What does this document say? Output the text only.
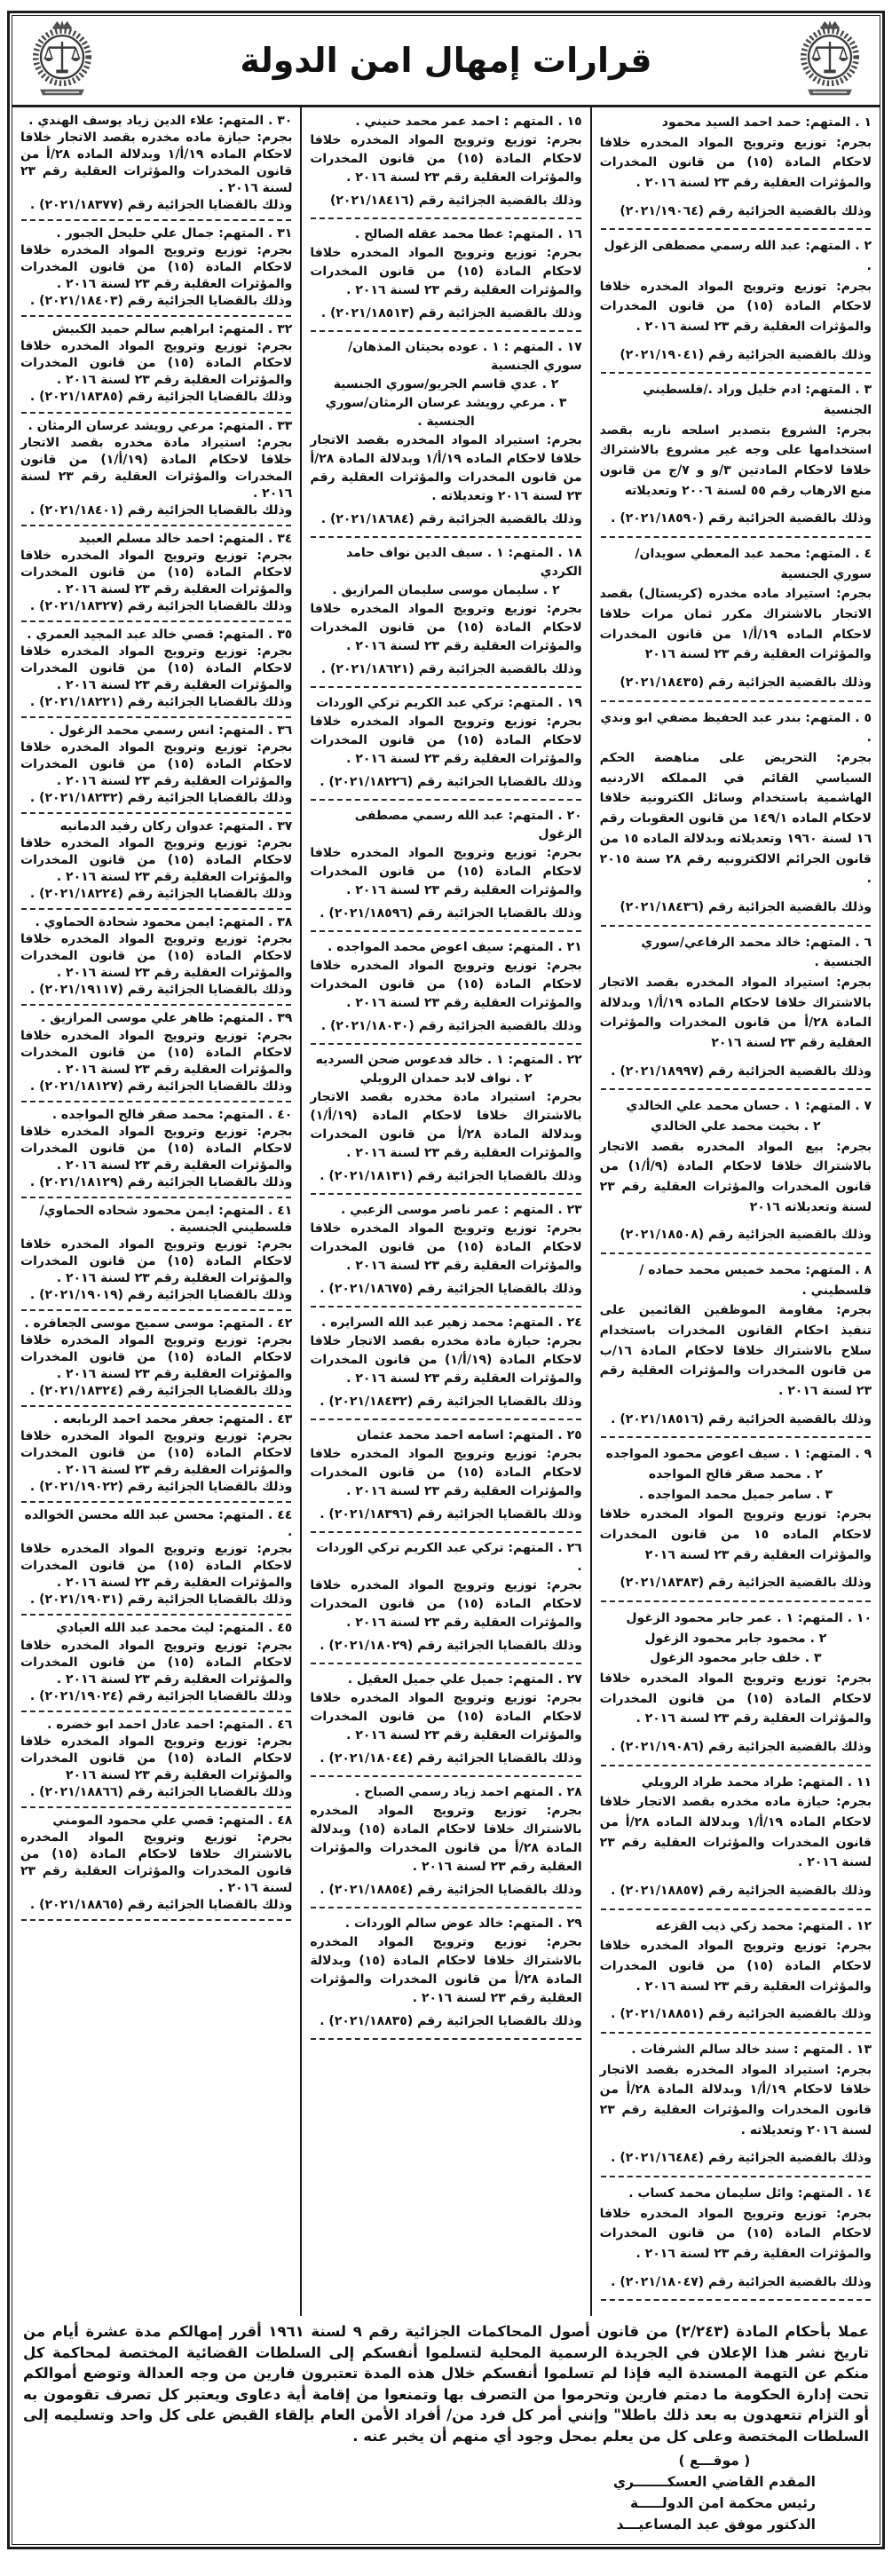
قرارات إمهال امن الدولة
١ . المتهم: حمد احمد السيد محمود

بجرم: توزيع وترويج المواد المخدره خلافا لاحكام المادة (١٥) من قانون المخدرات والمؤثرات العقلية رقم ٢٣ لسنة ٢٠١٦ .

وذلك بالقضية الجزائية رقم (٢٠٢١/١٩٠٦٤)
٢ . المتهم: عبد الله رسمي مصطفى الزغول .

بجرم: توزيع وترويج المواد المخدره خلافا لاحكام المادة (١٥) من قانون المخدرات والمؤثرات العقلية رقم ٢٣ لسنة ٢٠١٦ .

وذلك بالقضية الجزائية رقم (٢٠٢١/١٩٠٤١)
٣ . المتهم: ادم خليل وراد ./فلسطيني الجنسية

بجرم: الشروع بتصدير اسلحه ناريه بقصد استخدامها على وجه غير مشروع بالاشتراك خلافا لاحكام المادتين ٣/و و ٧/ج من قانون منع الارهاب رقم ٥٥ لسنة ٢٠٠٦ وتعديلاته

وذلك بالقضية الجزائية رقم (٢٠٢١/١٨٥٩٠) .
٤ . المتهم: محمد عبد المعطي سويدان/سوري الجنسية

بجرم: استيراد ماده مخدره (كريستال) بقصد الاتجار بالاشتراك مكرر ثمان مرات خلافا لاحكام الماده ١٩/أ/١ من قانون المخدرات والمؤثرات العقلية رقم ٢٣ لسنة ٢٠١٦

وذلك بالقضية الجزائية رقم (٢٠٢١/١٨٤٣٥)
٥ . المتهم: بندر عبد الحفيظ مضفي ابو وندي .

بجرم: التحريض على مناهضة الحكم السياسي القائم في المملكه الاردنيه الهاشمية باستخدام وسائل الكترونية خلافا لاحكام الماده ١٤٩/١ من قانون العقوبات رقم ١٦ لسنة ١٩٦٠ وتعديلاته وبدلالة الماده ١٥ من قانون الجرائم الالكترونيه رقم ٢٨ سنة ٢٠١٥ .

وذلك بالقضية الجزائية رقم (٢٠٢١/١٨٤٣٦)
٦ . المتهم: خالد محمد الرفاعي/سوري الجنسية .

بجرم: استيراد المواد المخدره بقصد الاتجار بالاشتراك خلافا لاحكام الماده ١٩/أ/١ وبدلالة المادة ٢٨/أ من قانون المخدرات والمؤثرات العقلية رقم ٢٣ لسنة ٢٠١٦

وذلك بالقضية الجزائية رقم (٢٠٢١/١٨٩٩٧) .
٧ . المتهم: ١ . حسان محمد علي الخالدي
٢ . بخيت محمد علي الخالدي

بجرم: بيع المواد المخدره بقصد الاتجار بالاشتراك خلافا لاحكام المادة (٩/أ/١) من قانون المخدرات والمؤثرات العقلية رقم ٢٣ لسنة وتعديلاته ٢٠١٦

وذلك بالقضية الجزائية رقم (٢٠٢١/١٨٥٠٨)
٨ . المتهم: محمد خميس محمد حماده / فلسطيني .

بجرم: مقاومة الموظفين القائمين على تنفيذ احكام القانون المخدرات باستخدام سلاح بالاشتراك خلافا لاحكام المادة ١٦/ب من قانون المخدرات والمؤثرات العقلية رقم ٢٣ لسنة ٢٠١٦ .

وذلك بالقضية الجزائية رقم (٢٠٢١/١٨٥١٦) .
٩ . المتهم: ١ . سيف اعوض محمود المواجده
٢ . محمد صقر فالح المواجده
٣ . سامر جميل محمد المواجده .

بجرم: توزيع وترويج المواد المخدره خلافا لاحكام الماده ١٥ من قانون المخدرات والمؤثرات العقلية رقم ٢٣ لسنة ٢٠١٦

وذلك بالقضية الجزائية رقم (٢٠٢١/١٨٣٨٣)
١٠ . المتهم: ١ . عمر جابر محمود الزغول
٢ . محمود جابر محمود الزغول
٣ . خلف جابر محمود الزغول

بجرم: توزيع وترويج المواد المخدره خلافا لاحكام المادة (١٥) من قانون المخدرات والمؤثرات العقلية رقم ٢٣ لسنة ٢٠١٦ .

وذلك بالقضية الجزائية رقم (٢٠٢١/١٩٠٨٦) .
١١ . المتهم: طراد محمد طراد الرويلي

بجرم: حيازة ماده مخدره بقصد الاتجار خلافا لاحكام الماده ١٩/أ/١ وبدلالة الماده ٢٨/أ من قانون المخدرات والمؤثرات العقلية رقم ٢٣ لسنة ٢٠١٦ .

وذلك بالقضية الجزائية رقم (٢٠٢١/١٨٨٥٧) .
١٢ . المتهم: محمد زكي ذيب القزعه

بجرم: توزيع وترويج المواد المخدره خلافا لاحكام المادة (١٥) من قانون المخدرات والمؤثرات العقلية رقم ٢٣ لسنة ٢٠١٦ .

وذلك بالقضية الجزائية رقم (٢٠٢١/١٨٨٥١) .
١٣ . المتهم : سند خالد سالم الشرفات .

بجرم: استيراد المواد المخدره بقصد الاتجار خلافا لاحكام ١٩/أ/١ وبدلالة المادة ٢٨/أ من قانون المخدرات والمؤثرات العقلية رقم ٢٣ لسنة ٢٠١٦ وتعديلاته .

وذلك بالقضية الجزائية رقم (٢٠٢١/١٦٤٨٤) .
١٤ . المتهم: وائل سليمان محمد كساب .

بجرم: توزيع وترويج المواد المخدره خلافا لاحكام المادة (١٥) من قانون المخدرات والمؤثرات العقلية رقم ٢٣ لسنة ٢٠١٦ .

وذلك بالقضية الجزائية رقم (٢٠٢١/١٨٠٤٧) .
١٥ . المتهم : احمد عمر محمد حنيني .

بجرم: توزيع وترويج المواد المخدره خلافا لاحكام المادة (١٥) من قانون المخدرات والمؤثرات العقلية رقم ٢٣ لسنة ٢٠١٦ .

وذلك بالقضية الجزائية رقم (٢٠٢١/١٨٤١٦)
١٦ . المتهم: عطا محمد عقله الصالح .

بجرم: توزيع وترويج المواد المخدره خلافا لاحكام المادة (١٥) من قانون المخدرات والمؤثرات العقلية رقم ٢٣ لسنة ٢٠١٦ .

وذلك بالقضية الجزائية رقم (٢٠٢١/١٨٥١٣) .
١٧ . المتهم : ١ . عوده بحيتان المذهان/سوري الجنسية
٢ . عدي قاسم الجريو/سوري الجنسية
٣ . مرعي رويشد عرسان الرمثان/سوري الجنسية .

بجرم: استيراد المواد المخدره بقصد الاتجار خلافا لاحكام الماده ١٩/أ/١ وبدلالة المادة ٢٨/أ من قانون المخدرات والمؤثرات العقلية رقم ٢٣ لسنة ٢٠١٦ وتعديلاته .

وذلك بالقضية الجزائية رقم (٢٠٢١/١٨٦٨٤) .
١٨ . المتهم: ١ . سيف الدين نواف حامد الكردي
٢ . سليمان موسى سليمان المرازيق .

بجرم: توزيع وترويج المواد المخدره خلافا لاحكام المادة (١٥) من قانون المخدرات والمؤثرات العقلية رقم ٢٣ لسنة ٢٠١٦ .

وذلك بالقضية الجزائية رقم (٢٠٢١/١٨٦٢١) .
١٩ . المتهم: تركي عبد الكريم تركي الوردات

بجرم: توزيع وترويج المواد المخدره خلافا لاحكام المادة (١٥) من قانون المخدرات والمؤثرات العقلية رقم ٢٣ لسنة ٢٠١٦ .

وذلك بالقضايا الجزائية رقم (٢٠٢١/١٨٢٢٦) .
٢٠ . المتهم: عبد الله رسمي مصطفى الزغول

بجرم: توزيع وترويج المواد المخدره خلافا لاحكام المادة (١٥) من قانون المخدرات والمؤثرات العقلية رقم ٢٣ لسنة ٢٠١٦ .

وذلك بالقضايا الجزائية رقم (٢٠٢١/١٨٥٩٦) .
٢١ . المتهم: سيف اعوض محمد المواجده .

بجرم: توزيع وترويج المواد المخدره خلافا لاحكام المادة (١٥) من قانون المخدرات والمؤثرات العقلية رقم ٢٣ لسنة ٢٠١٦ .

وذلك بالقضية الجزائية رقم (٢٠٢١/١٨٠٣٠) .
٢٢ . المتهم: ١ . خالد فدعوس ضحن السرديه
٢ . نواف لابد حمدان الرويلي

بجرم: استيراد مادة مخدره بقصد الاتجار بالاشتراك خلافا لاحكام المادة (١٩/أ/١) وبدلالة المادة ٢٨/أ من قانون المخدرات والمؤثرات العقلية رقم ٢٣ لسنة ٢٠١٦ .

وذلك بالقضايا الجزائية رقم (٢٠٢١/١٨١٣١) .
٢٣ . المتهم : عمر ناصر موسى الزعبي .

بجرم: توزيع وترويج المواد المخدره خلافا لاحكام المادة (١٥) من قانون المخدرات والمؤثرات العقلية رقم ٢٣ لسنة ٢٠١٦ .

وذلك بالقضايا الجزائية رقم (٢٠٢١/١٨٦٧٥) .
٢٤ . المتهم: محمد زهير عبد الله السرايره .

بجرم: حيازة مادة مخدره بقصد الاتجار خلافا لاحكام المادة (١٩/أ/١) من قانون المخدرات والمؤثرات العقلية رقم ٢٣ لسنة ٢٠١٦ .

وذلك بالقضايا الجزائية رقم (٢٠٢١/١٨٤٣٢) .
٢٥ . المتهم: اسامه احمد محمد عثمان

بجرم: توزيع وترويج المواد المخدره خلافا لاحكام المادة (١٥) من قانون المخدرات والمؤثرات العقلية رقم ٢٣ لسنة ٢٠١٦ .

وذلك بالقضايا الجزائية رقم (٢٠٢١/١٨٣٩٦) .
٢٦ . المتهم: تركي عبد الكريم تركي الوردات .

بجرم: توزيع وترويج المواد المخدره خلافا لاحكام المادة (١٥) من قانون المخدرات والمؤثرات العقلية رقم ٢٣ لسنة ٢٠١٦ .

وذلك بالقضايا الجزائية رقم (٢٠٢١/١٨٠٢٩) .
٢٧ . المتهم: جميل علي جميل العقيل .

بجرم: توزيع وترويج المواد المخدره خلافا لاحكام المادة (١٥) من قانون المخدرات والمؤثرات العقلية رقم ٢٣ لسنة ٢٠١٦ .

وذلك بالقضايا الجزائية رقم (٢٠٢١/١٨٠٤٤) .
٢٨ . المتهم احمد زياد رسمي الصباح .

بجرم: توزيع وترويج المواد المخدره بالاشتراك خلافا لاحكام المادة (١٥) وبدلالة المادة ٢٨/أ من قانون المخدرات والمؤثرات العقلية رقم ٢٣ لسنة ٢٠١٦ .

وذلك بالقضايا الجزائية رقم (٢٠٢١/١٨٨٥٤) .
٢٩ . المتهم: خالد عوض سالم الوردات .

بجرم: توزيع وترويج المواد المخدره بالاشتراك خلافا لاحكام المادة (١٥) وبدلالة المادة ٢٨/أ من قانون المخدرات والمؤثرات العقلية رقم ٢٣ لسنة ٢٠١٦ .

وذلك بالقضايا الجزائية رقم (٢٠٢١/١٨٨٣٥) .
٣٠ . المتهم: علاء الدين زياد يوسف الهندي .

بجرم: حيازة ماده مخدره بقصد الاتجار خلافا لاحكام الماده ١٩/أ/١ وبدلالة الماده ٢٨/أ من قانون المخدرات والمؤثرات العقلية رقم ٢٣ لسنة ٢٠١٦ .

وذلك بالقضايا الجزائية رقم (٢٠٢١/١٨٣٧٧) .
٣١ . المتهم: جمال علي حليحل الجبور .

بجرم: توزيع وترويج المواد المخدره خلافا لاحكام المادة (١٥) من قانون المخدرات والمؤثرات العقلية رقم ٢٣ لسنة ٢٠١٦ .

وذلك بالقضايا الجزائية رقم (٢٠٢١/١٨٤٠٣) .
٣٢ . المتهم: ابراهيم سالم حميد الكبيش

بجرم: توزيع وترويج المواد المخدره خلافا لاحكام المادة (١٥) من قانون المخدرات والمؤثرات العقلية رقم ٢٣ لسنة ٢٠١٦ .

وذلك بالقضايا الجزائية رقم (٢٠٢١/١٨٣٨٥) .
٣٣ . المتهم: مرعي رويشد عرسان الرمثان .

بجرم: استيراد مادة مخدره بقصد الاتجار خلافا لاحكام المادة (١٩/أ/١) من قانون المخدرات والمؤثرات العقلية رقم ٢٣ لسنة ٢٠١٦ .

وذلك بالقضايا الجزائية رقم (٢٠٢١/١٨٤٠١) .
٣٤ . المتهم: احمد خالد مسلم العبيد

بجرم: توزيع وترويج المواد المخدره خلافا لاحكام المادة (١٥) من قانون المخدرات والمؤثرات العقلية رقم ٢٣ لسنة ٢٠١٦ .

وذلك بالقضايا الجزائية رقم (٢٠٢١/١٨٣٢٧) .
٣٥ . المتهم: قصي خالد عبد المجيد العمري .

بجرم: توزيع وترويج المواد المخدره خلافا لاحكام المادة (١٥) من قانون المخدرات والمؤثرات العقلية رقم ٢٣ لسنة ٢٠١٦ .

وذلك بالقضايا الجزائية رقم (٢٠٢١/١٨٢٢١) .
٣٦ . المتهم: انس رسمي محمد الزغول .

بجرم: توزيع وترويج المواد المخدره خلافا لاحكام المادة (١٥) من قانون المخدرات والمؤثرات العقلية رقم ٢٣ لسنة ٢٠١٦ .

وذلك بالقضايا الجزائية رقم (٢٠٢١/١٨٢٣٢) .
٣٧ . المتهم: عدوان ركان رفيد الدمانيه

بجرم: توزيع وترويج المواد المخدره خلافا لاحكام المادة (١٥) من قانون المخدرات والمؤثرات العقلية رقم ٢٣ لسنة ٢٠١٦ .

وذلك بالقضايا الجزائية رقم (٢٠٢١/١٨٢٢٤) .
٣٨ . المتهم: ايمن محمود شحادة الحماوي .

بجرم: توزيع وترويج المواد المخدره خلافا لاحكام المادة (١٥) من قانون المخدرات والمؤثرات العقلية رقم ٢٣ لسنة ٢٠١٦ .

وذلك بالقضايا الجزائية رقم (٢٠٢١/١٩١١٧) .
٣٩ . المتهم: ظاهر علي موسى المرازيق .

بجرم: توزيع وترويج المواد المخدره خلافا لاحكام المادة (١٥) من قانون المخدرات والمؤثرات العقلية رقم ٢٣ لسنة ٢٠١٦ .

وذلك بالقضايا الجزائية رقم (٢٠٢١/١٨١٢٧) .
٤٠ . المتهم: محمد صقر فالح المواجده .

بجرم: توزيع وترويج المواد المخدره خلافا لاحكام المادة (١٥) من قانون المخدرات والمؤثرات العقلية رقم ٢٣ لسنة ٢٠١٦ .

وذلك بالقضايا الجزائية رقم (٢٠٢١/١٨١٢٩) .
٤١ . المتهم: ايمن محمود شحاده الحماوي/فلسطيني الجنسية .

بجرم: توزيع وترويج المواد المخدره خلافا لاحكام المادة (١٥) من قانون المخدرات والمؤثرات العقلية رقم ٢٣ لسنة ٢٠١٦ .

وذلك بالقضايا الجزائية رقم (٢٠٢١/١٩٠١٩) .
٤٢ . المتهم: موسى سميح موسى الجعافره .

بجرم: توزيع وترويج المواد المخدره خلافا لاحكام المادة (١٥) من قانون المخدرات والمؤثرات العقلية رقم ٢٣ لسنة ٢٠١٦ .

وذلك بالقضايا الجزائية رقم (٢٠٢١/١٨٣٢٤) .
٤٣ . المتهم: جعفر محمد احمد الربابعه .

بجرم: توزيع وترويج المواد المخدره خلافا لاحكام المادة (١٥) من قانون المخدرات والمؤثرات العقلية رقم ٢٣ لسنة ٢٠١٦ .

وذلك بالقضايا الجزائية رقم (٢٠٢١/١٩٠٢٢) .
٤٤ . المتهم: محسن عبد الله محسن الخوالده .

بجرم: توزيع وترويج المواد المخدره خلافا لاحكام المادة (١٥) من قانون المخدرات والمؤثرات العقلية رقم ٢٣ لسنة ٢٠١٦ .

وذلك بالقضايا الجزائية رقم (٢٠٢١/١٩٠٣١) .
٤٥ . المتهم: ليث محمد عبد الله العيادي

بجرم: توزيع وترويج المواد المخدره خلافا لاحكام المادة (١٥) من قانون المخدرات والمؤثرات العقلية رقم ٢٣ لسنة ٢٠١٦ .

وذلك بالقضايا الجزائية رقم (٢٠٢١/١٩٠٢٤) .
٤٦ . المتهم: احمد عادل احمد ابو خضره .

بجرم: توزيع وترويج المواد المخدره خلافا لاحكام المادة (١٥) من قانون المخدرات والمؤثرات العقلية رقم ٢٣ لسنة ٢٠١٦

وذلك بالقضايا الجزائية رقم (٢٠٢١/١٨٨٦٦) .
٤٨ . المتهم: قصي علي محمود المومني

بجرم: توزيع وترويج المواد المخدره بالاشتراك خلافا لاحكام المادة (١٥) من قانون المخدرات والمؤثرات العقلية رقم ٢٣ لسنة ٢٠١٦ .

وذلك بالقضايا الجزائية رقم (٢٠٢١/١٨٨٦٥) .

عملا بأحكام المادة (٢/٢٤٣) من قانون أصول المحاكمات الجزائية رقم ٩ لسنة ١٩٦١ أقرر إمهالكم مدة عشرة أيام من تاريخ نشر هذا الإعلان في الجريدة الرسمية المحلية لتسلموا أنفسكم إلى السلطات القضائية المختصة لمحاكمة كل منكم عن التهمة المسندة اليه فإذا لم تسلموا أنفسكم خلال هذه المدة تعتبرون فارين من وجه العدالة وتوضع أموالكم تحت إدارة الحكومة ما دمتم فارين وتحرموا من التصرف بها وتمنعوا من إقامة أية دعاوى ويعتبر كل تصرف تقومون به أو التزام تتعهدون به بعد ذلك باطلا" وإنني أمر كل فرد من/ أفراد الأمن العام بإلقاء القبض على كل واحد وتسليمه إلى السلطات المختصة وعلى كل من يعلم بمحل وجود أي منهم أن يخبر عنه .

( موقـــع )
المقدم القاضي العسكـــــــري
رئيس محكمة امن الدولـــــة
الدكتور موفق عيد المساعيـــد
